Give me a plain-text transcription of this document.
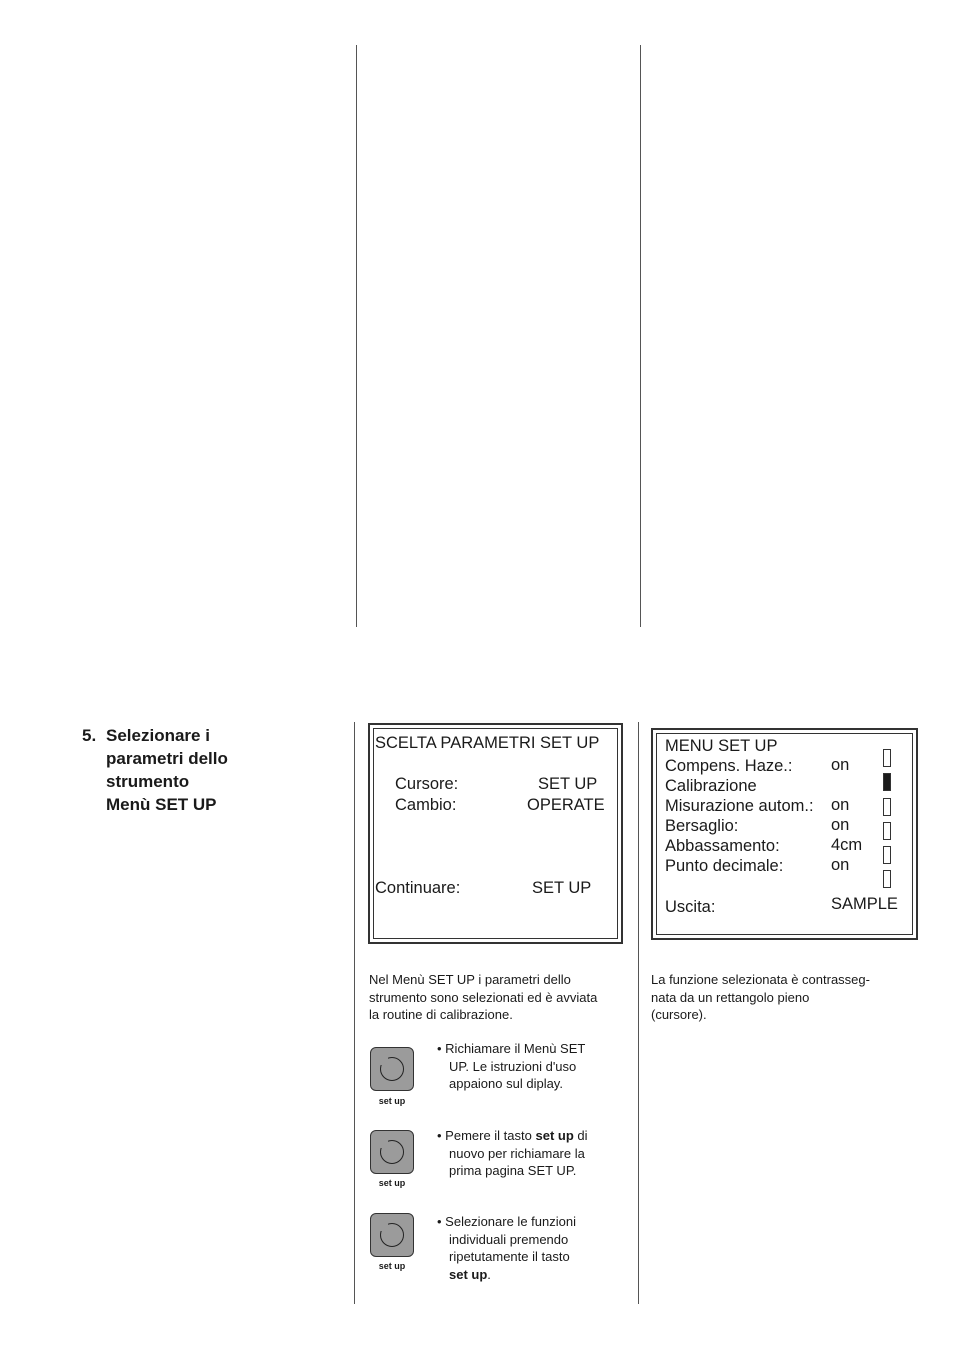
5. Selezionare i
parametri dello
strumento
Menù SET UP
SCELTA PARAMETRI SET UP
Cursore:	SET UP
Cambio:	OPERATE
Continuare:	SET UP
MENU SET UP
Compens. Haze.: on
Calibrazione
Misurazione autom.: on
Bersaglio:	on
Abbassamento:	4cm
Punto decimale:	on
Uscita:	SAMPLE
Nel Menù SET UP i parametri dello
strumento sono selezionati ed è avviata
la routine di calibrazione.
La funzione selezionata è contrasseg-
nata da un rettangolo pieno
(cursore).
set up
• Richiamare il Menù SET
UP. Le istruzioni d'uso
appaiono sul diplay.
set up
• Pemere il tasto set up di
nuovo per richiamare la
prima pagina SET UP.
set up
• Selezionare le funzioni
individuali premendo
ripetutamente il tasto
set up.
